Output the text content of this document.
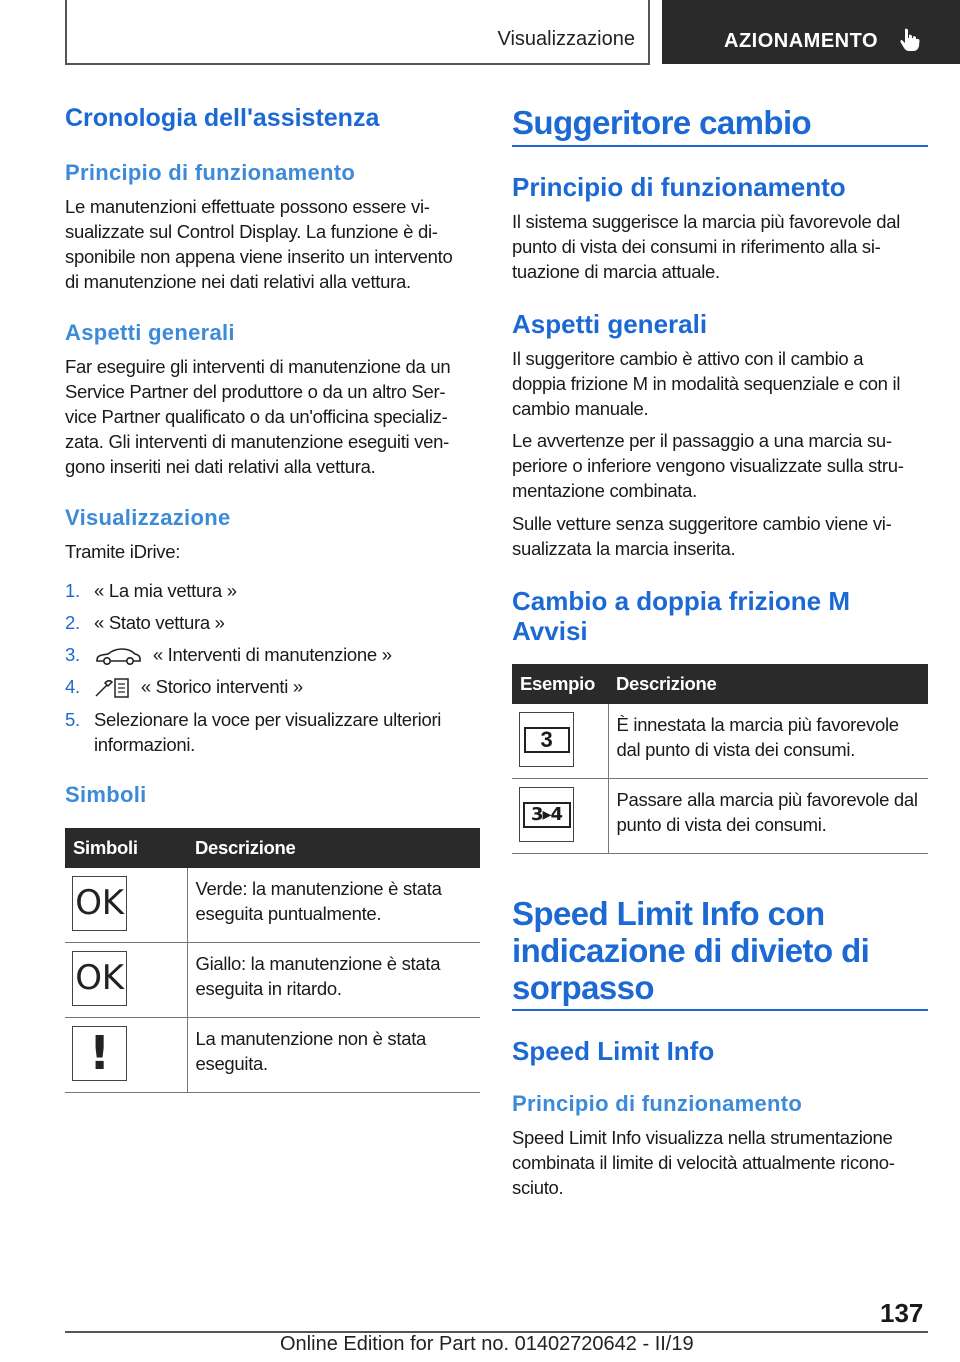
Visualizzazione	AZIONAMENTO
Cronologia dell'assistenza
Principio di funzionamento
Le manutenzioni effettuate possono essere vi‐
sualizzate sul Control Display. La funzione è di‐
sponibile non appena viene inserito un intervento
di manutenzione nei dati relativi alla vettura.
Aspetti generali
Far eseguire gli interventi di manutenzione da un
Service Partner del produttore o da un altro Ser‐
vice Partner qualificato o da un'officina specializ‐
zata. Gli interventi di manutenzione eseguiti ven‐
gono inseriti nei dati relativi alla vettura.
Visualizzazione
Tramite iDrive:
1. « La mia vettura »
2. « Stato vettura »
3.	« Interventi di manutenzione »
4.	« Storico interventi »
5. Selezionare la voce per visualizzare ulteriori informazioni.
Simboli
Simboli	Descrizione

OK	Verde: la manutenzione è stata eseguita puntualmente.

OK	Giallo: la manutenzione è stata eseguita in ritardo.

!	La manutenzione non è stata eseguita.
Suggeritore cambio
Principio di funzionamento
Il sistema suggerisce la marcia più favorevole dal
punto di vista dei consumi in riferimento alla si‐
tuazione di marcia attuale.
Aspetti generali
Il suggeritore cambio è attivo con il cambio a
doppia frizione M in modalità sequenziale e con il
cambio manuale.
Le avvertenze per il passaggio a una marcia su‐
periore o inferiore vengono visualizzate sulla stru‐
mentazione combinata.
Sulle vetture senza suggeritore cambio viene vi‐
sualizzata la marcia inserita.
Cambio a doppia frizione M
Avvisi
Esempio	Descrizione

3	È innestata la marcia più favorevole dal punto di vista dei consumi.

3▸4	Passare alla marcia più favorevole dal punto di vista dei consumi.
Speed Limit Info con
indicazione di divieto di
sorpasso
Speed Limit Info
Principio di funzionamento
Speed Limit Info visualizza nella strumentazione
combinata il limite di velocità attualmente ricono‐
sciuto.
137
Online Edition for Part no. 01402720642 - II/19
